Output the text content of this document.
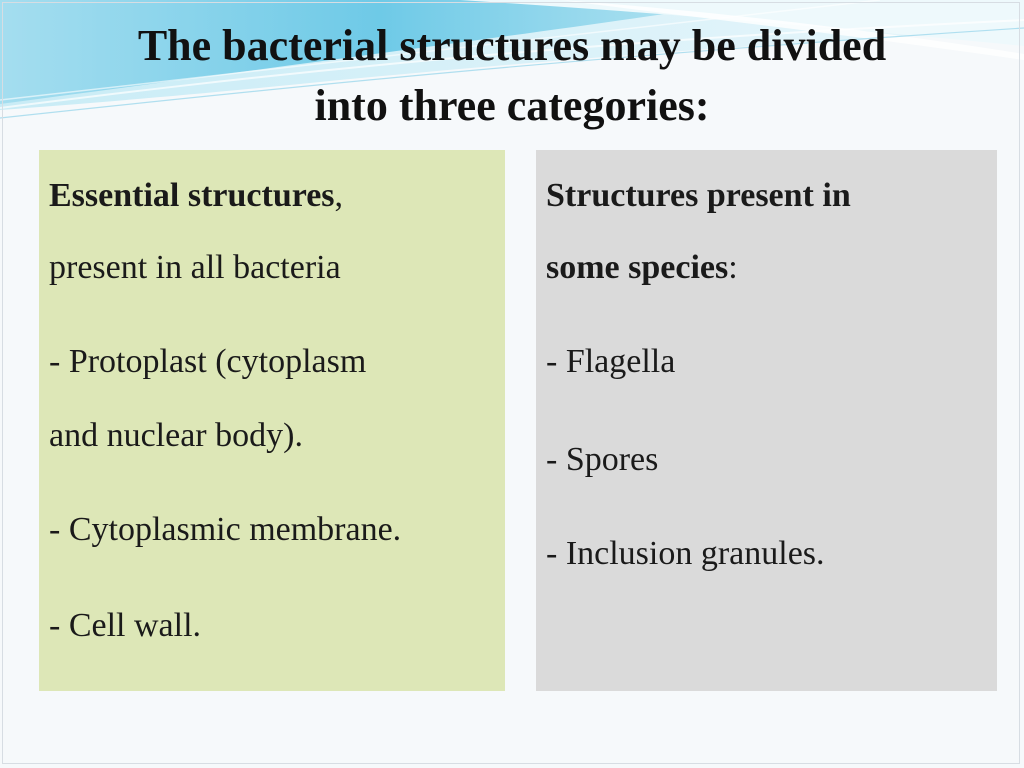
The bacterial structures may be divided
into three categories:

Essential structures,

present in all bacteria

- Protoplast (cytoplasm

and nuclear body).

- Cytoplasmic membrane.

- Cell wall.

Structures present in

some species:

- Flagella

- Spores

- Inclusion granules.
